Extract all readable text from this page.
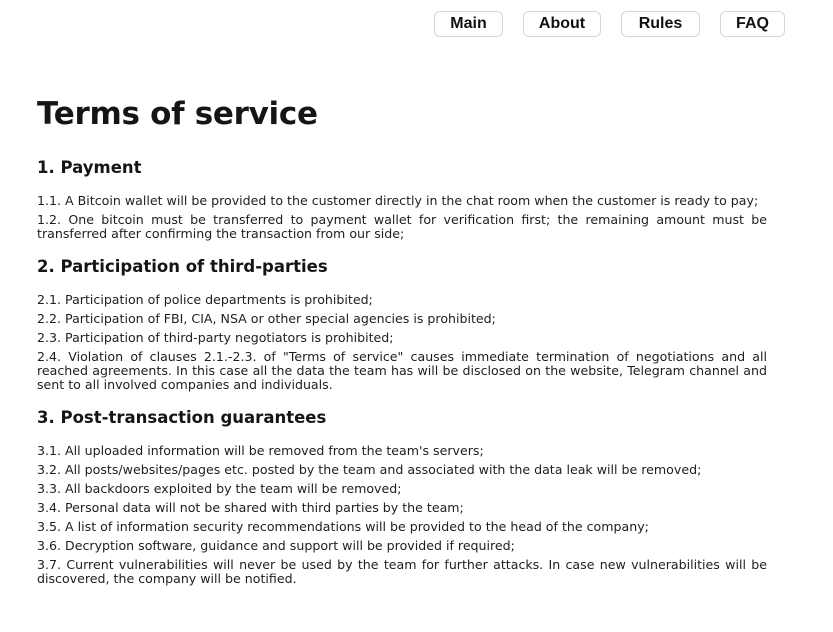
Main	About	Rules	FAQ
Terms of service
1. Payment

1.1. A Bitcoin wallet will be provided to the customer directly in the chat room when the customer is ready to pay;

1.2. One bitcoin must be transferred to payment wallet for verification first; the remaining amount must be transferred after confirming the transaction from our side;

2. Participation of third-parties

2.1. Participation of police departments is prohibited;

2.2. Participation of FBI, CIA, NSA or other special agencies is prohibited;

2.3. Participation of third-party negotiators is prohibited;

2.4. Violation of clauses 2.1.-2.3. of "Terms of service" causes immediate termination of negotiations and all reached agreements. In this case all the data the team has will be disclosed on the website, Telegram channel and sent to all involved companies and individuals.

3. Post-transaction guarantees

3.1. All uploaded information will be removed from the team's servers;

3.2. All posts/websites/pages etc. posted by the team and associated with the data leak will be removed;

3.3. All backdoors exploited by the team will be removed;

3.4. Personal data will not be shared with third parties by the team;

3.5. A list of information security recommendations will be provided to the head of the company;

3.6. Decryption software, guidance and support will be provided if required;

3.7. Current vulnerabilities will never be used by the team for further attacks. In case new vulnerabilities will be discovered, the company will be notified.
